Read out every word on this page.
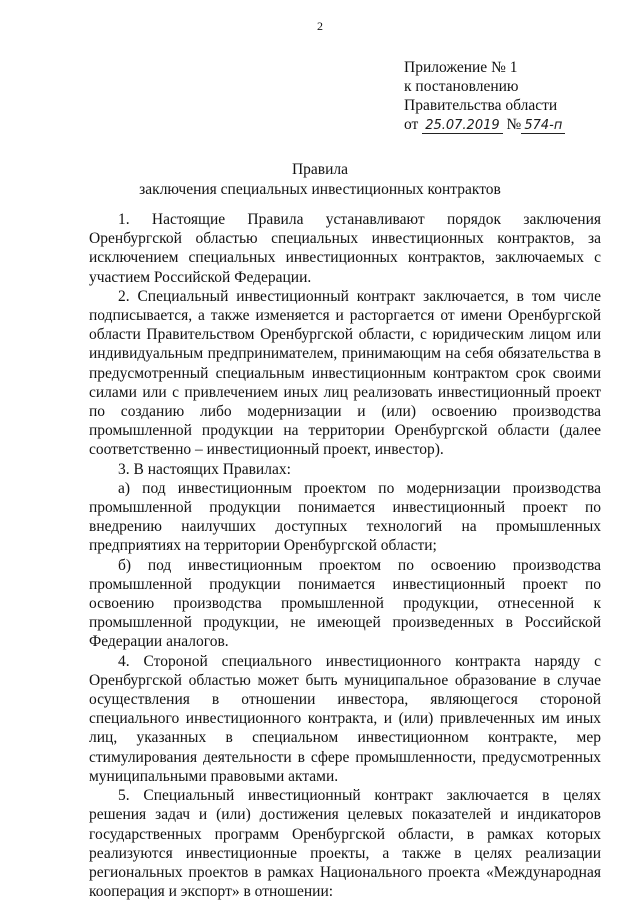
2
Приложение № 1
к постановлению
Правительства области
от 25.07.2019 № 574-п
Правила
заключения специальных инвестиционных контрактов

1. Настоящие Правила устанавливают порядок заключения Оренбургской областью специальных инвестиционных контрактов, за исключением специальных инвестиционных контрактов, заключаемых с участием Российской Федерации.

2. Специальный инвестиционный контракт заключается, в том числе подписывается, а также изменяется и расторгается от имени Оренбургской области Правительством Оренбургской области, с юридическим лицом или индивидуальным предпринимателем, принимающим на себя обязательства в предусмотренный специальным инвестиционным контрактом срок своими силами или с привлечением иных лиц реализовать инвестиционный проект по созданию либо модернизации и (или) освоению производства промышленной продукции на территории Оренбургской области (далее соответственно – инвестиционный проект, инвестор).

3. В настоящих Правилах:

а) под инвестиционным проектом по модернизации производства промышленной продукции понимается инвестиционный проект по внедрению наилучших доступных технологий на промышленных предприятиях на территории Оренбургской области;

б) под инвестиционным проектом по освоению производства промышленной продукции понимается инвестиционный проект по освоению производства промышленной продукции, отнесенной к промышленной продукции, не имеющей произведенных в Российской Федерации аналогов.

4. Стороной специального инвестиционного контракта наряду с Оренбургской областью может быть муниципальное образование в случае осуществления в отношении инвестора, являющегося стороной специального инвестиционного контракта, и (или) привлеченных им иных лиц, указанных в специальном инвестиционном контракте, мер стимулирования деятельности в сфере промышленности, предусмотренных муниципальными правовыми актами.

5. Специальный инвестиционный контракт заключается в целях решения задач и (или) достижения целевых показателей и индикаторов государственных программ Оренбургской области, в рамках которых реализуются инвестиционные проекты, а также в целях реализации региональных проектов в рамках Национального проекта «Международная кооперация и экспорт» в отношении:
